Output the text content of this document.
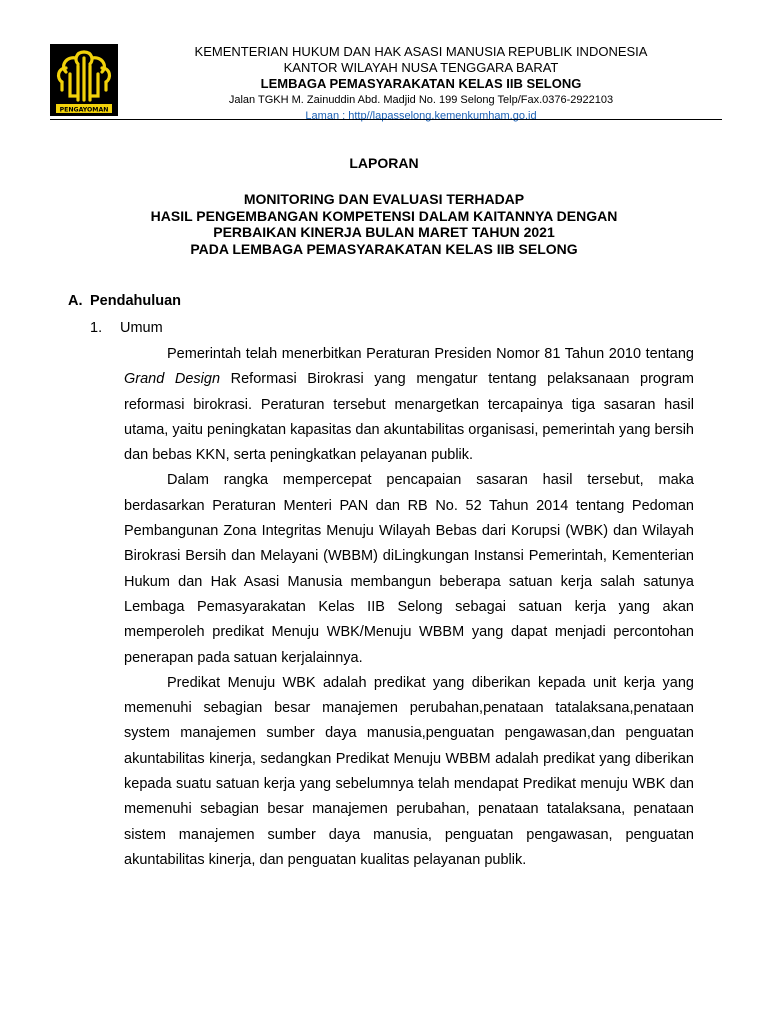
PENGAYOMAN
KEMENTERIAN HUKUM DAN HAK ASASI MANUSIA REPUBLIK INDONESIA
KANTOR WILAYAH NUSA TENGGARA BARAT
LEMBAGA PEMASYARAKATAN KELAS IIB SELONG
Jalan TGKH M. Zainuddin Abd. Madjid No. 199 Selong Telp/Fax.0376-2922103
Laman : http//lapasselong.kemenkumham.go.id
LAPORAN
MONITORING DAN EVALUASI TERHADAP
HASIL PENGEMBANGAN KOMPETENSI DALAM KAITANNYA DENGAN
PERBAIKAN KINERJA BULAN MARET TAHUN 2021
PADA LEMBAGA PEMASYARAKATAN KELAS IIB SELONG
A. Pendahuluan
1. Umum

Pemerintah telah menerbitkan Peraturan Presiden Nomor 81 Tahun 2010 tentang Grand Design Reformasi Birokrasi yang mengatur tentang pelaksanaan program reformasi birokrasi. Peraturan tersebut menargetkan tercapainya tiga sasaran hasil utama, yaitu peningkatan kapasitas dan akuntabilitas organisasi, pemerintah yang bersih dan bebas KKN, serta peningkatkan pelayanan publik.

Dalam rangka mempercepat pencapaian sasaran hasil tersebut, maka berdasarkan Peraturan Menteri PAN dan RB No. 52 Tahun 2014 tentang Pedoman Pembangunan Zona Integritas Menuju Wilayah Bebas dari Korupsi (WBK) dan Wilayah Birokrasi Bersih dan Melayani (WBBM) diLingkungan Instansi Pemerintah, Kementerian Hukum dan Hak Asasi Manusia membangun beberapa satuan kerja salah satunya Lembaga Pemasyarakatan Kelas IIB Selong sebagai satuan kerja yang akan memperoleh predikat Menuju WBK/Menuju WBBM yang dapat menjadi percontohan penerapan pada satuan kerjalainnya.

Predikat Menuju WBK adalah predikat yang diberikan kepada unit kerja yang memenuhi sebagian besar manajemen perubahan,penataan tatalaksana,penataan system manajemen sumber daya manusia,penguatan pengawasan,dan penguatan akuntabilitas kinerja, sedangkan Predikat Menuju WBBM adalah predikat yang diberikan kepada suatu satuan kerja yang sebelumnya telah mendapat Predikat menuju WBK dan memenuhi sebagian besar manajemen perubahan, penataan tatalaksana, penataan sistem manajemen sumber daya manusia, penguatan pengawasan, penguatan akuntabilitas kinerja, dan penguatan kualitas pelayanan publik.
